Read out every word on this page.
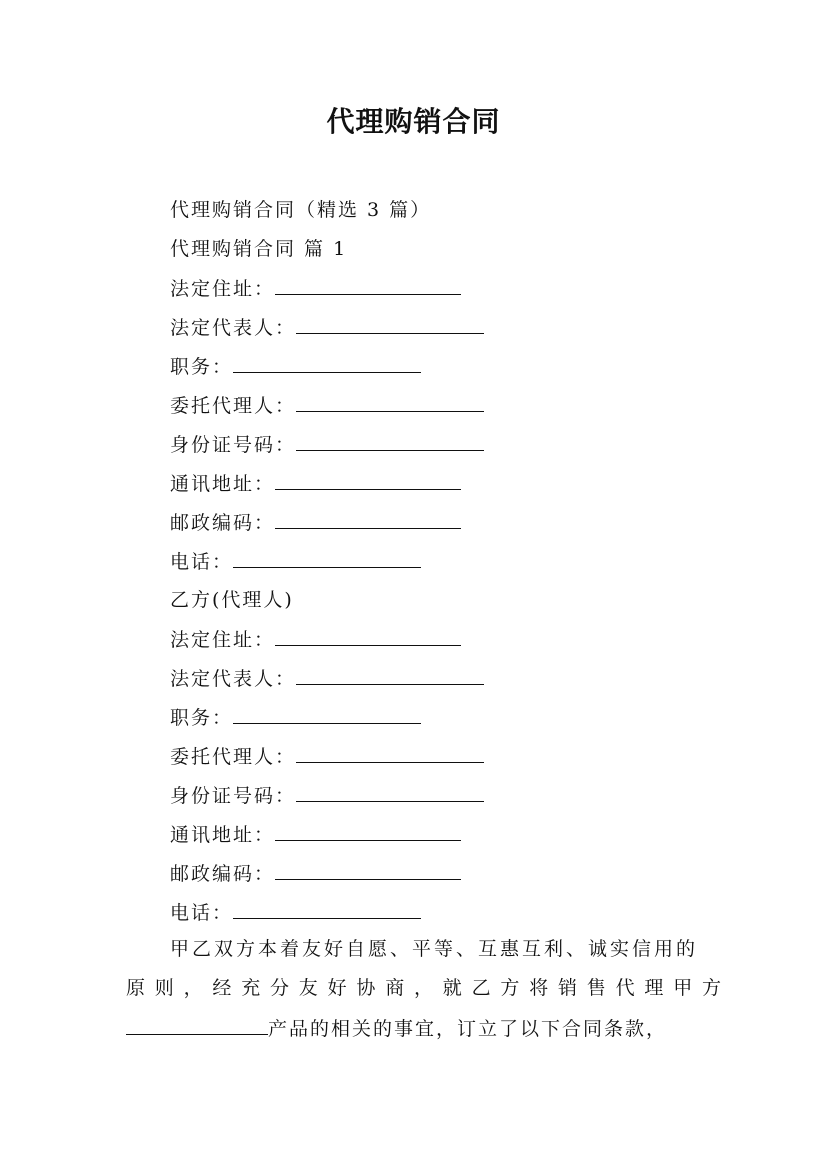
代理购销合同
代理购销合同（精选 3 篇）
代理购销合同 篇 1
法定住址：
法定代表人：
职务：
委托代理人：
身份证号码：
通讯地址：
邮政编码：
电话：
乙方(代理人)
法定住址：
法定代表人：
职务：
委托代理人：
身份证号码：
通讯地址：
邮政编码：
电话：
甲乙双方本着友好自愿、平等、互惠互利、诚实信用的
原则，经充分友好协商，就乙方将销售代理甲方
产品的相关的事宜，订立了以下合同条款，
